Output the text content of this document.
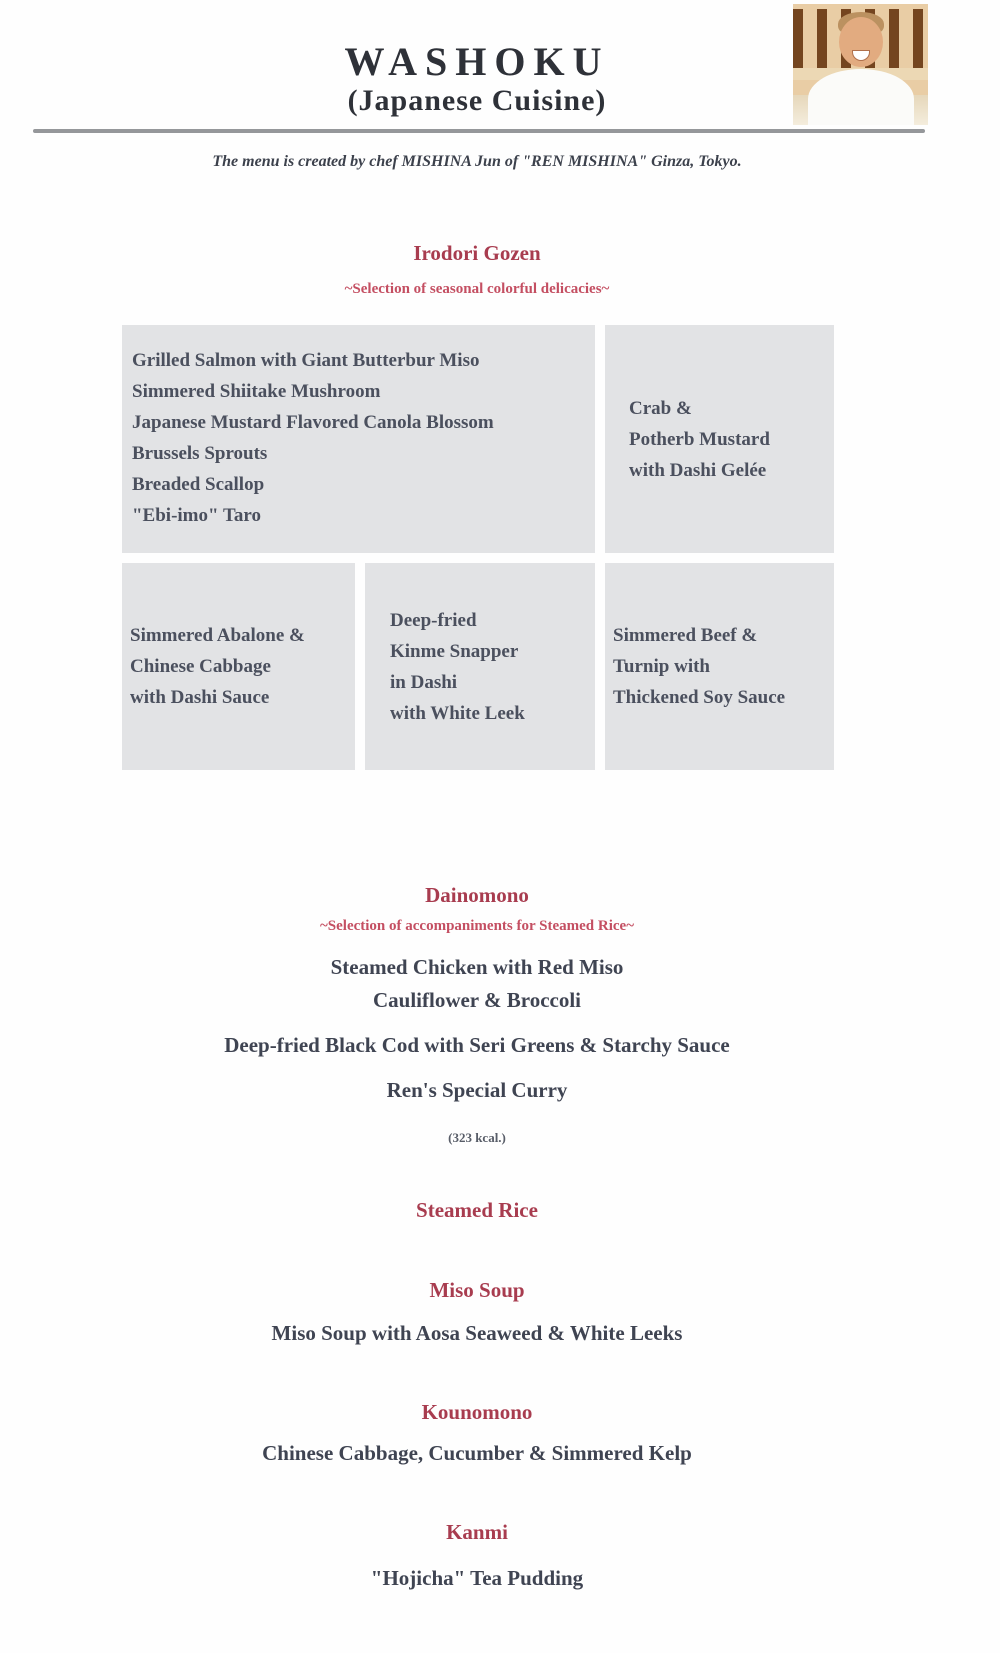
WASHOKU
(Japanese Cuisine)
The menu is created by chef MISHINA Jun of "REN MISHINA" Ginza, Tokyo.
Irodori Gozen
~Selection of seasonal colorful delicacies~
Grilled Salmon with Giant Butterbur Miso
Simmered Shiitake Mushroom
Japanese Mustard Flavored Canola Blossom
Brussels Sprouts
Breaded Scallop
"Ebi-imo" Taro
Crab &
Potherb Mustard
with Dashi Gelée
Simmered Abalone &
Chinese Cabbage
with Dashi Sauce
Deep-fried
Kinme Snapper
in Dashi
with White Leek
Simmered Beef &
Turnip with
Thickened Soy Sauce
Dainomono
~Selection of accompaniments for Steamed Rice~
Steamed Chicken with Red Miso
Cauliflower & Broccoli
Deep-fried Black Cod with Seri Greens & Starchy Sauce
Ren's Special Curry
(323 kcal.)
Steamed Rice
Miso Soup
Miso Soup with Aosa Seaweed & White Leeks
Kounomono
Chinese Cabbage, Cucumber & Simmered Kelp
Kanmi
"Hojicha" Tea Pudding
